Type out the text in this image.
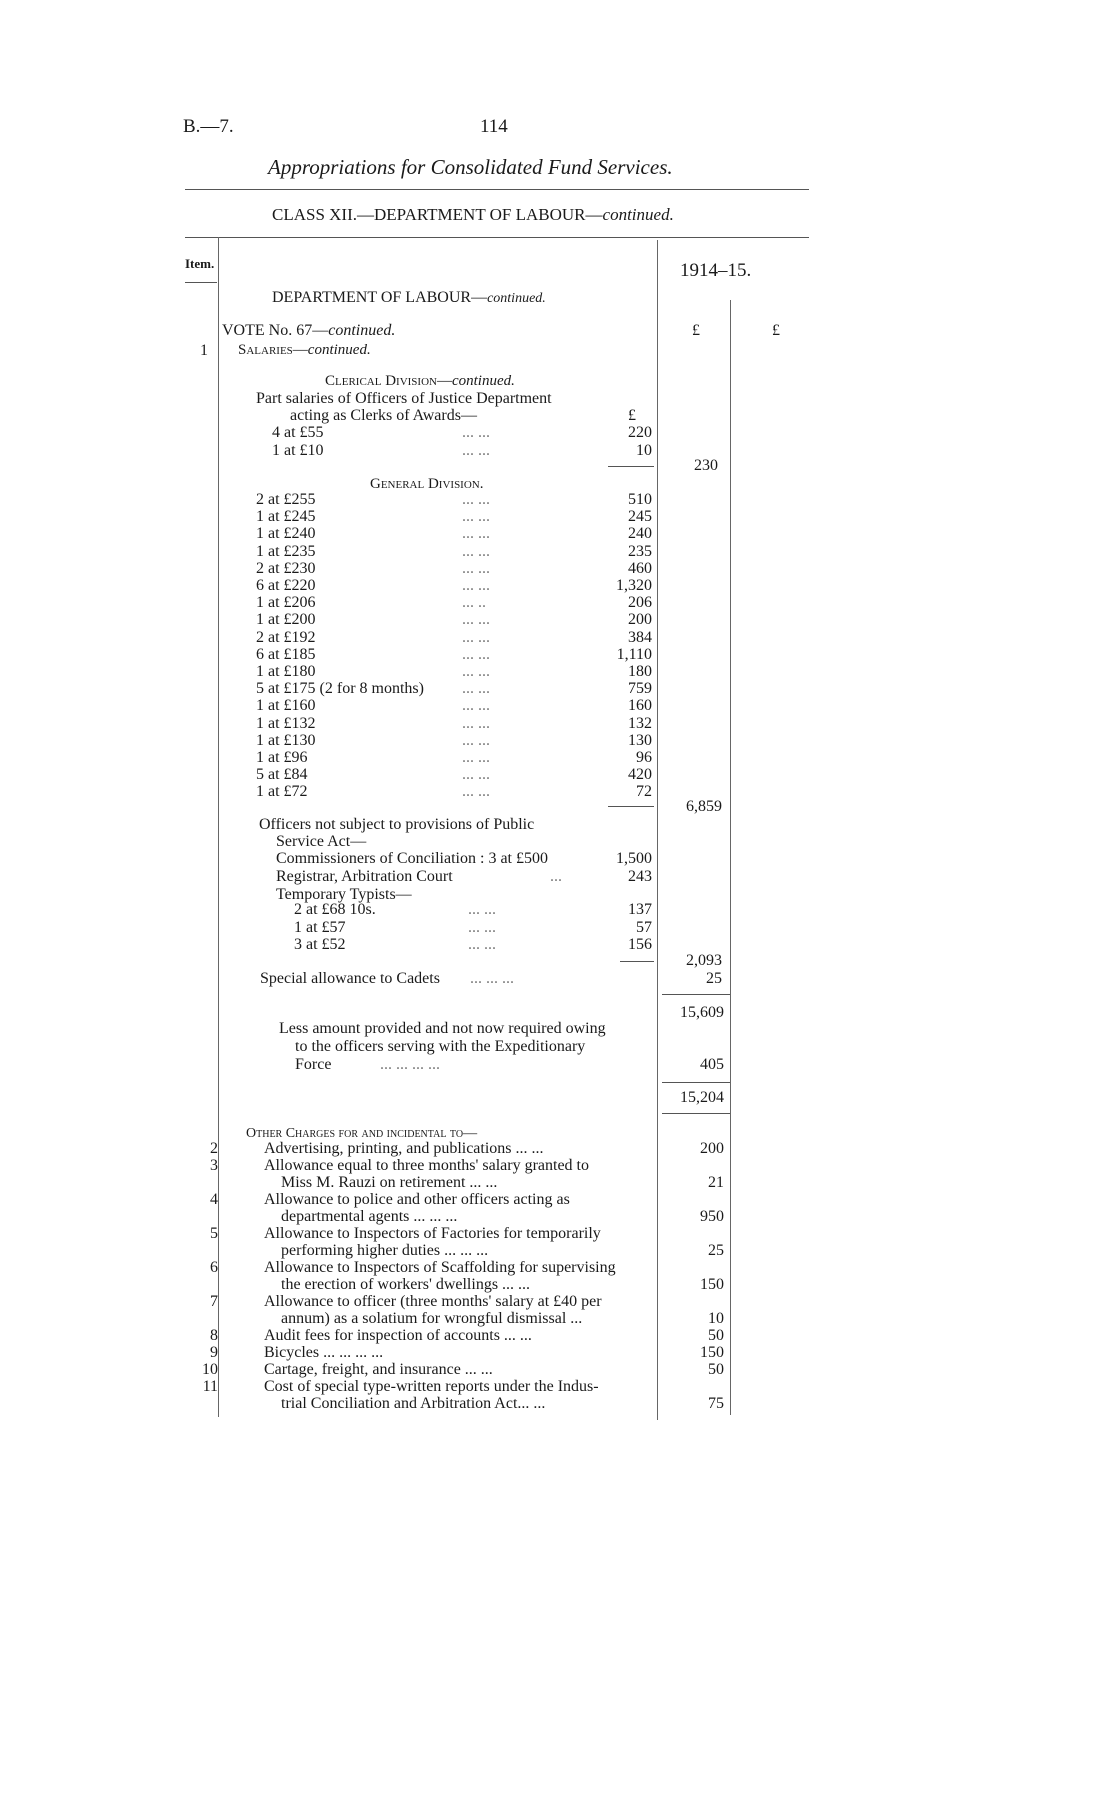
B.—7.	114
Appropriations for Consolidated Fund Services.
CLASS XII.—DEPARTMENT OF LABOUR—continued.
Item.	1914–15.
DEPARTMENT OF LABOUR—continued.
VOTE No. 67—continued.	£	£
1 Salaries—continued.
Clerical Division—continued.
Part salaries of Officers of Justice Department
acting as Clerks of Awards—	£
4 at £55	... ...	220
1 at £10	... ...	10
230
General Division.
2 at £255	... ...	510
1 at £245	... ...	245
1 at £240	... ...	240
1 at £235	... ...	235
2 at £230	... ...	460
6 at £220	... ...	1,320
1 at £206	... ..	206
1 at £200	... ...	200
2 at £192	... ...	384
6 at £185	... ...	1,110
1 at £180	... ...	180
5 at £175 (2 for 8 months) ... ...	759
1 at £160	... ...	160
1 at £132	... ...	132
1 at £130	... ...	130
1 at £96	... ...	96
5 at £84	... ...	420
1 at £72	... ...	72
6,859
Officers not subject to provisions of Public
Service Act—
Commissioners of Conciliation : 3 at £500	1,500
Registrar, Arbitration Court	...	243
Temporary Typists—
2 at £68 10s.	... ...	137
1 at £57	... ...	57
3 at £52	... ...	156
2,093
Special allowance to Cadets ... ... ...	25
15,609
Less amount provided and not now required owing
to the officers serving with the Expeditionary
Force	... ... ... ...	405
15,204
Other Charges for and incidental to—
2	Advertising, printing, and publications ... ...	200
3	Allowance equal to three months' salary granted to
Miss M. Rauzi on retirement ... ...	21
4	Allowance to police and other officers acting as
departmental agents ... ... ...	950
5	Allowance to Inspectors of Factories for temporarily
performing higher duties ... ... ...	25
6	Allowance to Inspectors of Scaffolding for supervising
the erection of workers' dwellings ... ...	150
7	Allowance to officer (three months' salary at £40 per
annum) as a solatium for wrongful dismissal ...	10
8	Audit fees for inspection of accounts ... ...	50
9	Bicycles ... ... ... ...	150
10	Cartage, freight, and insurance ... ...	50
11	Cost of special type-written reports under the Indus-
trial Conciliation and Arbitration Act... ...	75
